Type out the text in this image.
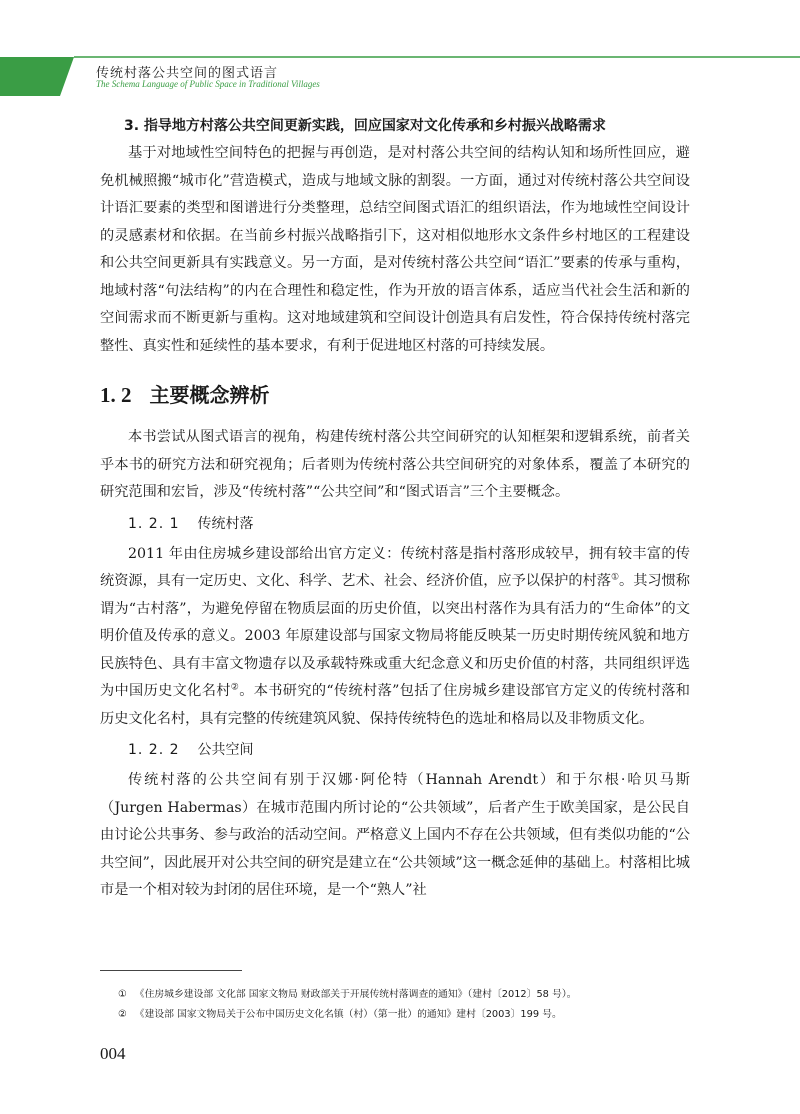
传统村落公共空间的图式语言
The Schema Language of Public Space in Traditional Villages
3. 指导地方村落公共空间更新实践，回应国家对文化传承和乡村振兴战略需求

基于对地域性空间特色的把握与再创造，是对村落公共空间的结构认知和场所性回应，避免机械照搬“城市化”营造模式，造成与地域文脉的割裂。一方面，通过对传统村落公共空间设计语汇要素的类型和图谱进行分类整理，总结空间图式语汇的组织语法，作为地域性空间设计的灵感素材和依据。在当前乡村振兴战略指引下，这对相似地形水文条件乡村地区的工程建设和公共空间更新具有实践意义。另一方面，是对传统村落公共空间“语汇”要素的传承与重构，地域村落“句法结构”的内在合理性和稳定性，作为开放的语言体系，适应当代社会生活和新的空间需求而不断更新与重构。这对地域建筑和空间设计创造具有启发性，符合保持传统村落完整性、真实性和延续性的基本要求，有利于促进地区村落的可持续发展。

1. 2 主要概念辨析

本书尝试从图式语言的视角，构建传统村落公共空间研究的认知框架和逻辑系统，前者关乎本书的研究方法和研究视角；后者则为传统村落公共空间研究的对象体系，覆盖了本研究的研究范围和宏旨，涉及“传统村落”“公共空间”和“图式语言”三个主要概念。

1. 2. 1 传统村落

2011 年由住房城乡建设部给出官方定义：传统村落是指村落形成较早，拥有较丰富的传统资源，具有一定历史、文化、科学、艺术、社会、经济价值，应予以保护的村落①。其习惯称谓为“古村落”，为避免停留在物质层面的历史价值，以突出村落作为具有活力的“生命体”的文明价值及传承的意义。2003 年原建设部与国家文物局将能反映某一历史时期传统风貌和地方民族特色、具有丰富文物遗存以及承载特殊或重大纪念意义和历史价值的村落，共同组织评选为中国历史文化名村②。本书研究的“传统村落”包括了住房城乡建设部官方定义的传统村落和历史文化名村，具有完整的传统建筑风貌、保持传统特色的选址和格局以及非物质文化。

1. 2. 2 公共空间

传统村落的公共空间有别于汉娜·阿伦特（Hannah Arendt）和于尔根·哈贝马斯（Jurgen Habermas）在城市范围内所讨论的“公共领域”，后者产生于欧美国家，是公民自由讨论公共事务、参与政治的活动空间。严格意义上国内不存在公共领域，但有类似功能的“公共空间”，因此展开对公共空间的研究是建立在“公共领域”这一概念延伸的基础上。村落相比城市是一个相对较为封闭的居住环境，是一个“熟人”社

① 《住房城乡建设部 文化部 国家文物局 财政部关于开展传统村落调查的通知》（建村〔2012〕58 号）。

② 《建设部 国家文物局关于公布中国历史文化名镇（村）（第一批）的通知》建村〔2003〕199 号。

004
